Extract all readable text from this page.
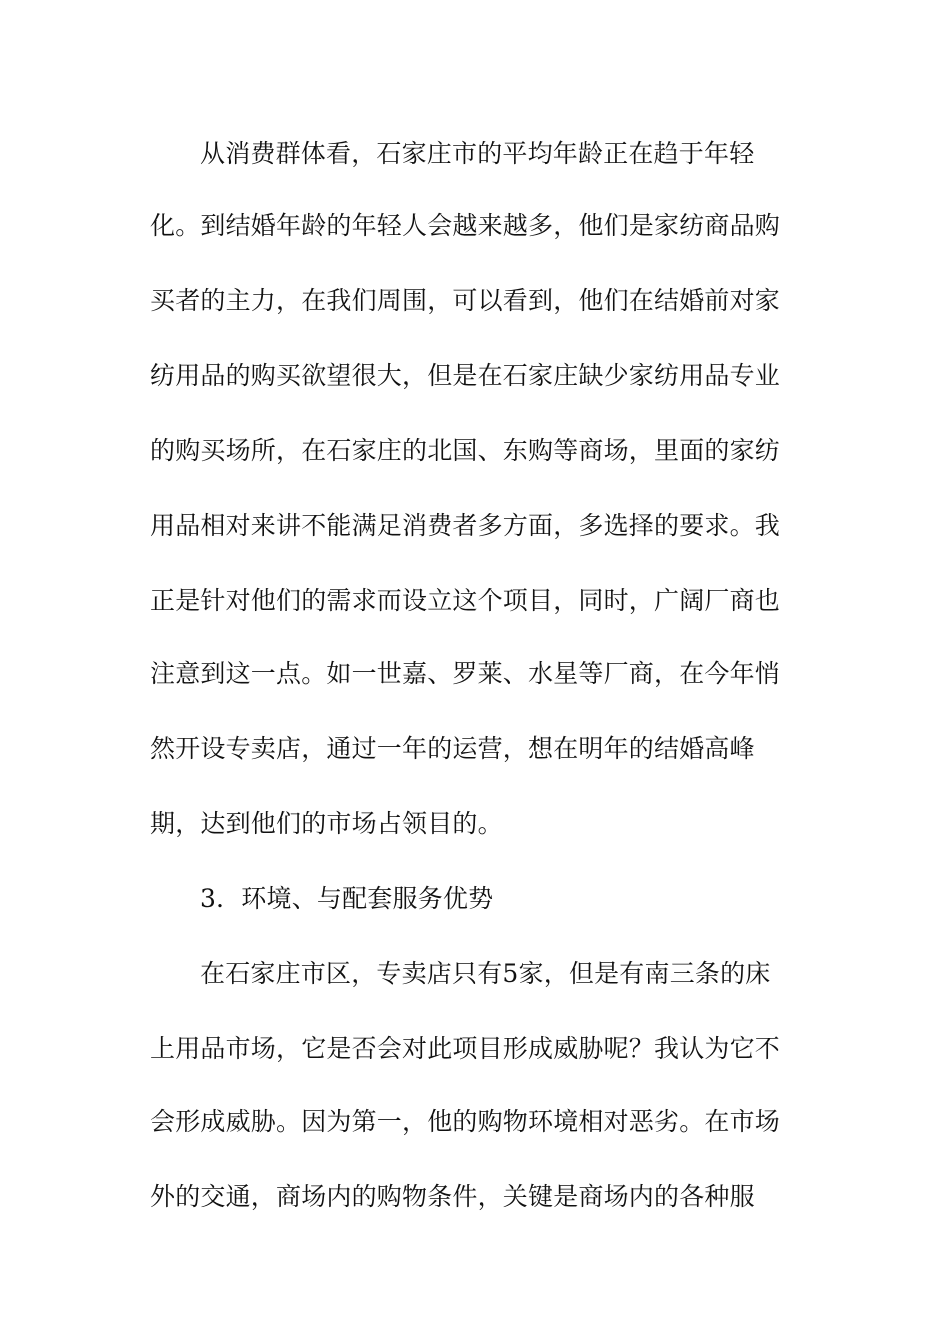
从消费群体看，石家庄市的平均年龄正在趋于年轻
化。到结婚年龄的年轻人会越来越多，他们是家纺商品购
买者的主力，在我们周围，可以看到，他们在结婚前对家
纺用品的购买欲望很大，但是在石家庄缺少家纺用品专业
的购买场所，在石家庄的北国、东购等商场，里面的家纺
用品相对来讲不能满足消费者多方面，多选择的要求。我
正是针对他们的需求而设立这个项目，同时，广阔厂商也
注意到这一点。如一世嘉、罗莱、水星等厂商，在今年悄
然开设专卖店，通过一年的运营，想在明年的结婚高峰
期，达到他们的市场占领目的。
3．环境、与配套服务优势
在石家庄市区，专卖店只有5家，但是有南三条的床
上用品市场，它是否会对此项目形成威胁呢？我认为它不
会形成威胁。因为第一，他的购物环境相对恶劣。在市场
外的交通，商场内的购物条件，关键是商场内的各种服
